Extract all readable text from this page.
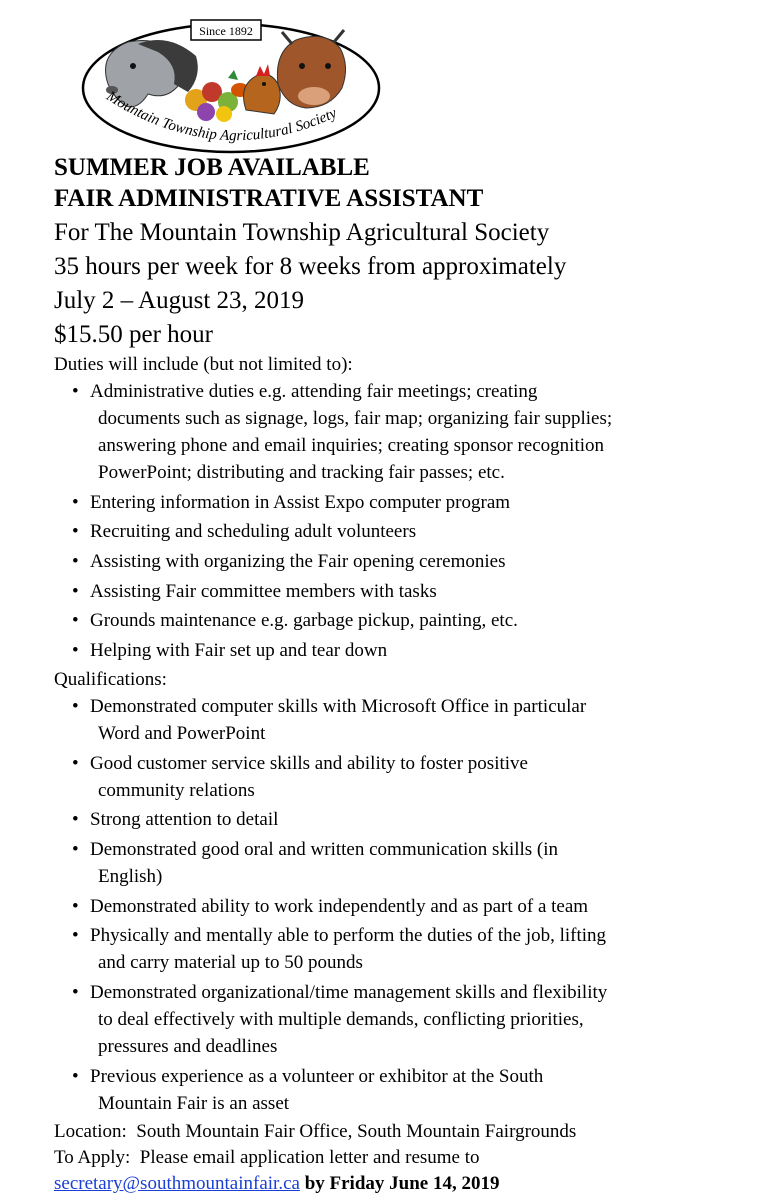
Since 1892
Mountain Township Agricultural Society

SUMMER JOB AVAILABLE

FAIR ADMINISTRATIVE ASSISTANT

For The Mountain Township Agricultural Society

35 hours per week for 8 weeks from approximately

July 2 – August 23, 2019

$15.50 per hour

Duties will include (but not limited to):

• Administrative duties e.g. attending fair meetings; creating
documents such as signage, logs, fair map; organizing fair supplies;
answering phone and email inquiries; creating sponsor recognition
PowerPoint; distributing and tracking fair passes; etc.
• Entering information in Assist Expo computer program
• Recruiting and scheduling adult volunteers
• Assisting with organizing the Fair opening ceremonies
• Assisting Fair committee members with tasks
• Grounds maintenance e.g. garbage pickup, painting, etc.
• Helping with Fair set up and tear down

Qualifications:

• Demonstrated computer skills with Microsoft Office in particular
Word and PowerPoint
• Good customer service skills and ability to foster positive
community relations
• Strong attention to detail
• Demonstrated good oral and written communication skills (in
English)
• Demonstrated ability to work independently and as part of a team
• Physically and mentally able to perform the duties of the job, lifting
and carry material up to 50 pounds
• Demonstrated organizational/time management skills and flexibility
to deal effectively with multiple demands, conflicting priorities,
pressures and deadlines
• Previous experience as a volunteer or exhibitor at the South
Mountain Fair is an asset

Location:  South Mountain Fair Office, South Mountain Fairgrounds

To Apply:  Please email application letter and resume to

secretary@southmountainfair.ca by Friday June 14, 2019
